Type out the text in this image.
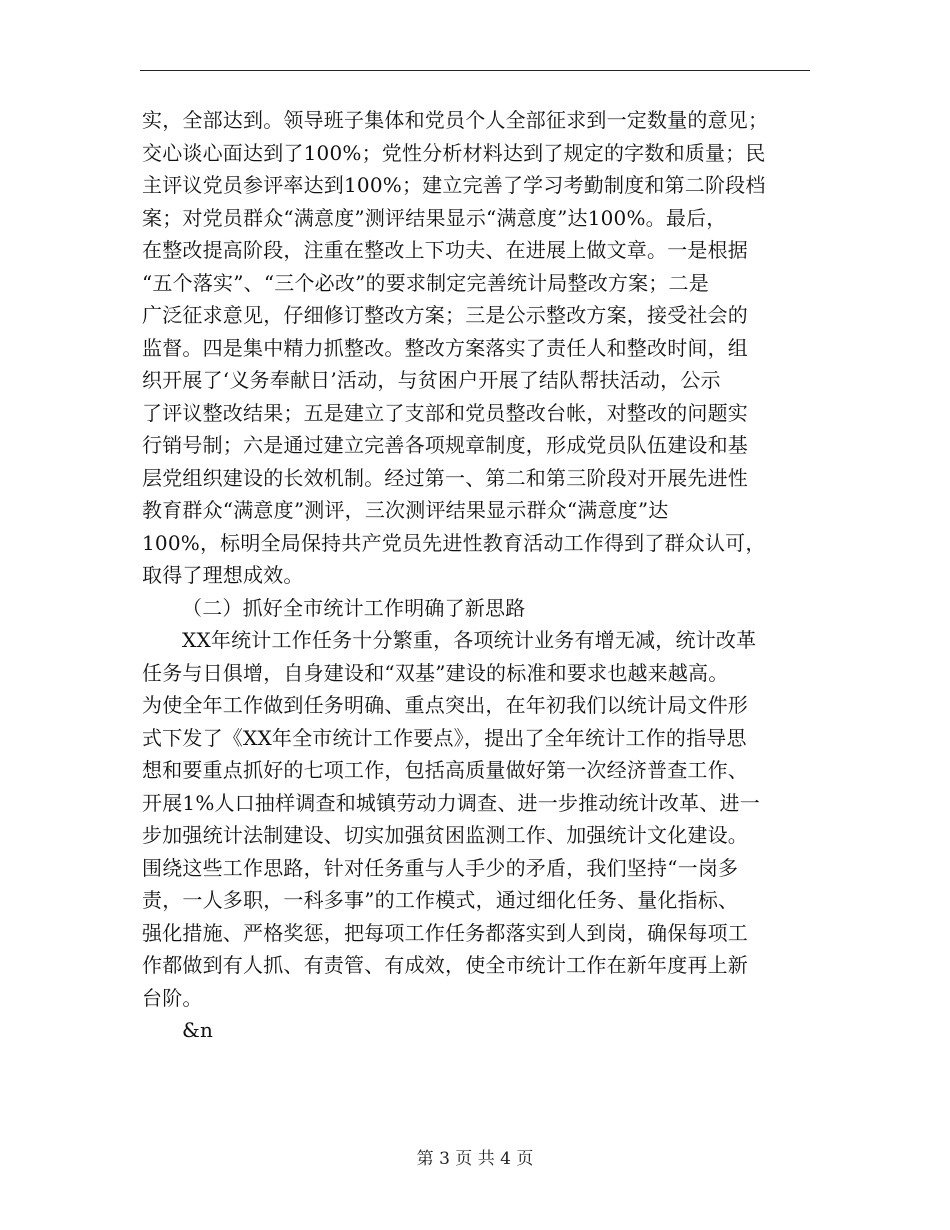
实，全部达到。领导班子集体和党员个人全部征求到一定数量的意见；
交心谈心面达到了100%；党性分析材料达到了规定的字数和质量；民
主评议党员参评率达到100%；建立完善了学习考勤制度和第二阶段档
案；对党员群众“满意度”测评结果显示“满意度”达100%。最后，
在整改提高阶段，注重在整改上下功夫、在进展上做文章。一是根据
“五个落实”、“三个必改”的要求制定完善统计局整改方案；二是
广泛征求意见，仔细修订整改方案；三是公示整改方案，接受社会的
监督。四是集中精力抓整改。整改方案落实了责任人和整改时间，组
织开展了‘义务奉献日’活动，与贫困户开展了结队帮扶活动，公示
了评议整改结果；五是建立了支部和党员整改台帐，对整改的问题实
行销号制；六是通过建立完善各项规章制度，形成党员队伍建设和基
层党组织建设的长效机制。经过第一、第二和第三阶段对开展先进性
教育群众“满意度”测评，三次测评结果显示群众“满意度”达
100%，标明全局保持共产党员先进性教育活动工作得到了群众认可，
取得了理想成效。
（二）抓好全市统计工作明确了新思路
XX年统计工作任务十分繁重，各项统计业务有增无减，统计改革
任务与日俱增，自身建设和“双基”建设的标准和要求也越来越高。
为使全年工作做到任务明确、重点突出，在年初我们以统计局文件形
式下发了《XX年全市统计工作要点》，提出了全年统计工作的指导思
想和要重点抓好的七项工作，包括高质量做好第一次经济普查工作、
开展1%人口抽样调查和城镇劳动力调查、进一步推动统计改革、进一
步加强统计法制建设、切实加强贫困监测工作、加强统计文化建设。
围绕这些工作思路，针对任务重与人手少的矛盾，我们坚持“一岗多
责，一人多职，一科多事”的工作模式，通过细化任务、量化指标、
强化措施、严格奖惩，把每项工作任务都落实到人到岗，确保每项工
作都做到有人抓、有责管、有成效，使全市统计工作在新年度再上新
台阶。
&n
第 3 页 共 4 页
